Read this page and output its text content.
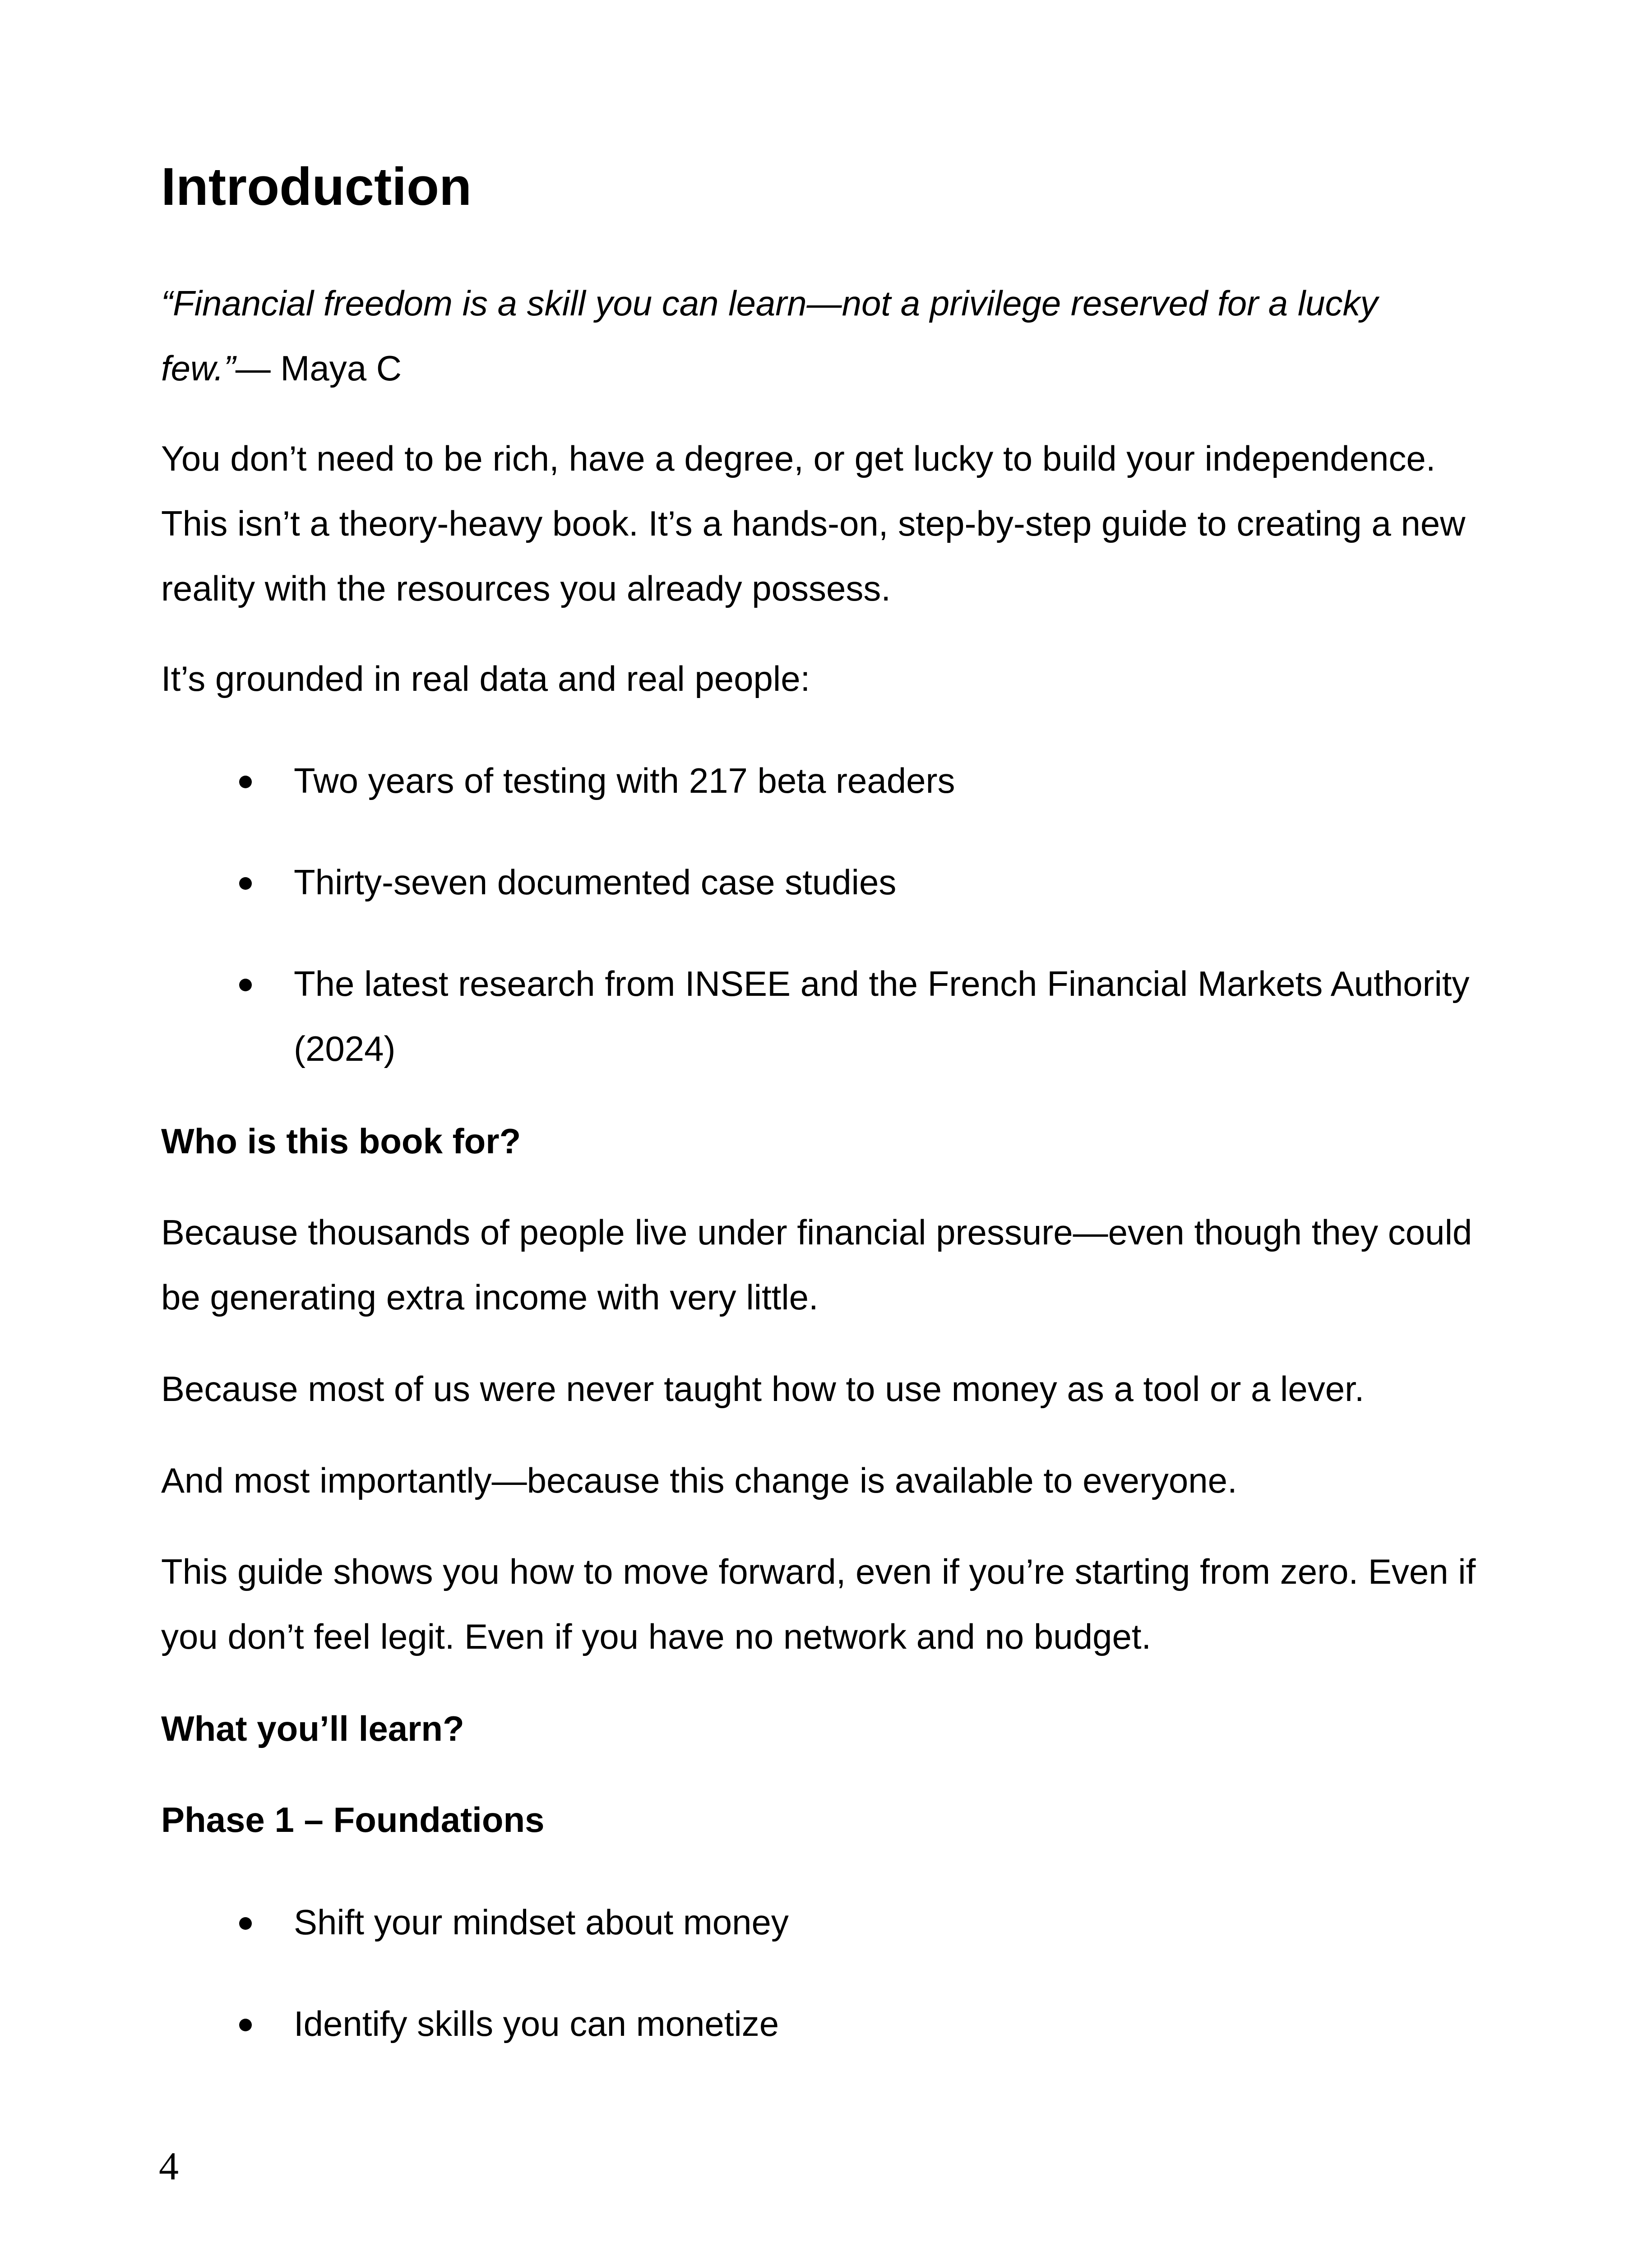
Introduction

“Financial freedom is a skill you can learn—not a privilege reserved for a lucky few.”— Maya C

You don’t need to be rich, have a degree, or get lucky to build your independence. This isn’t a theory-heavy book. It’s a hands-on, step-by-step guide to creating a new reality with the resources you already possess.

It’s grounded in real data and real people:

Two years of testing with 217 beta readers

Thirty-seven documented case studies

The latest research from INSEE and the French Financial Markets Authority (2024)

Who is this book for?

Because thousands of people live under financial pressure—even though they could be generating extra income with very little.

Because most of us were never taught how to use money as a tool or a lever.

And most importantly—because this change is available to everyone.

This guide shows you how to move forward, even if you’re starting from zero. Even if you don’t feel legit. Even if you have no network and no budget.

What you’ll learn?

Phase 1 – Foundations

Shift your mindset about money

Identify skills you can monetize

4
